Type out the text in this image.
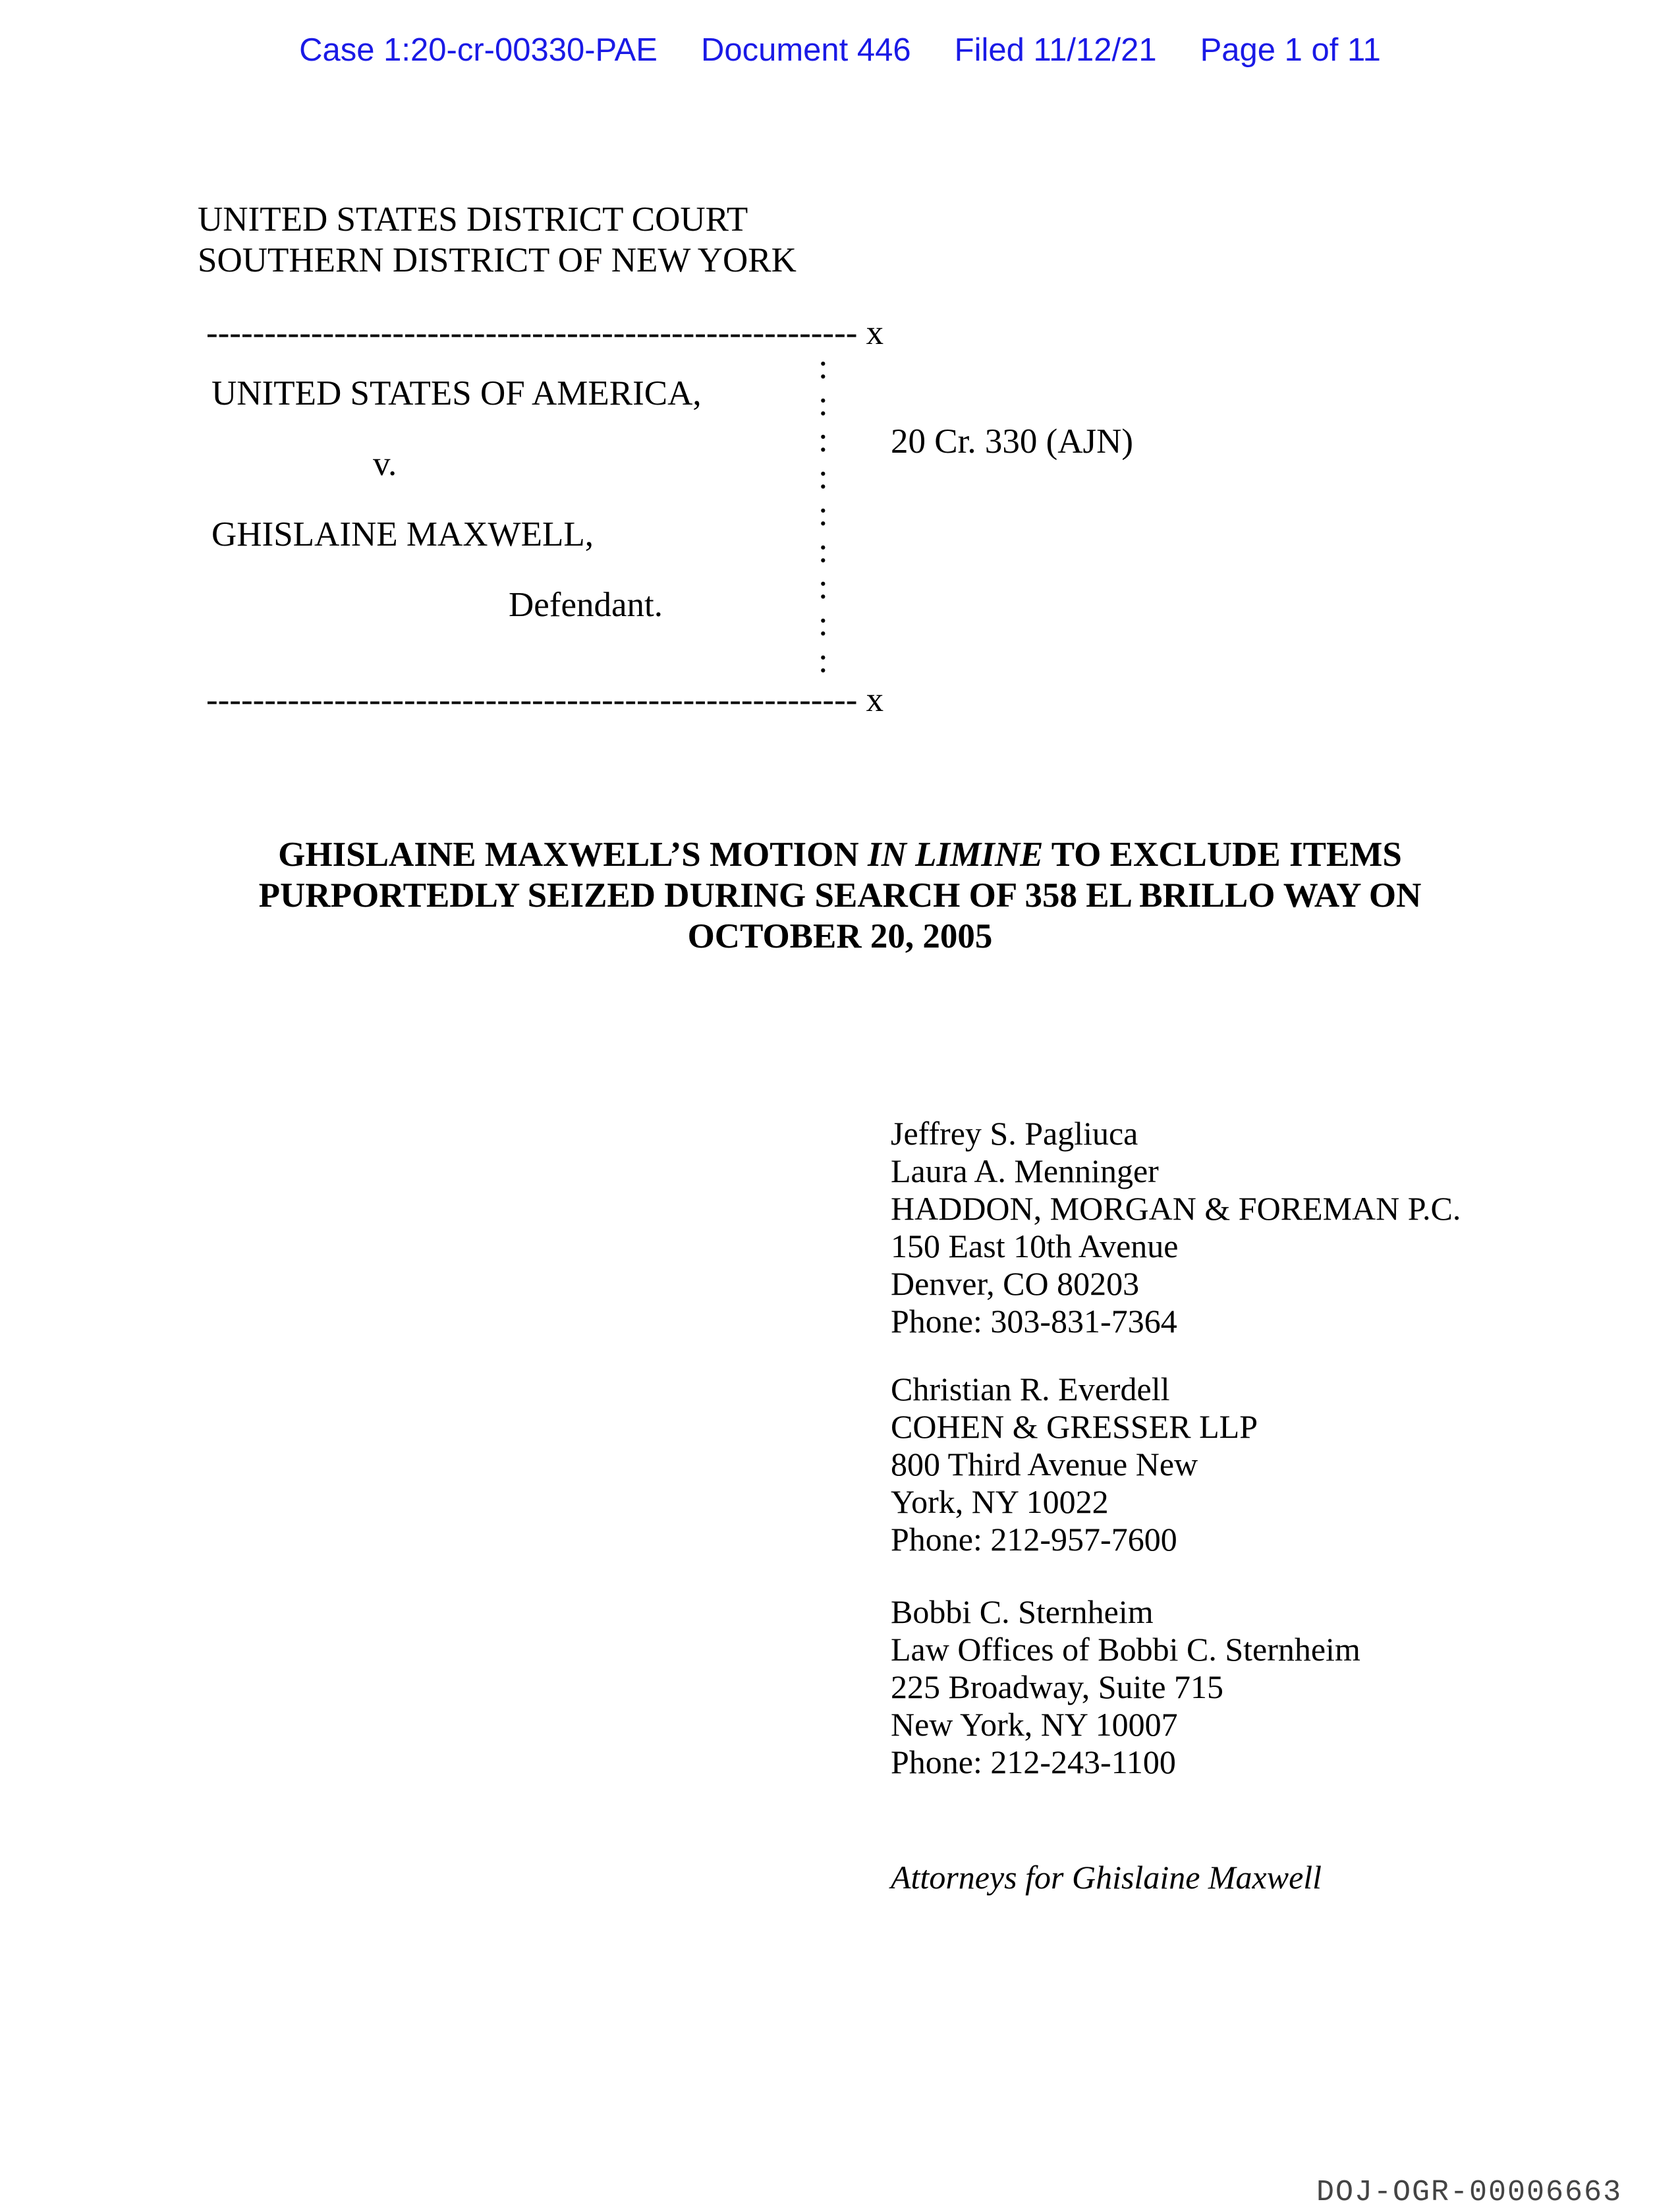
Case 1:20-cr-00330-PAE Document 446 Filed 11/12/21 Page 1 of 11
UNITED STATES DISTRICT COURT
SOUTHERN DISTRICT OF NEW YORK
-------------------------------------------------------- x
UNITED STATES OF AMERICA,
v.
GHISLAINE MAXWELL,
Defendant.
:
:
:
:
:
:
:
:
:
20 Cr. 330 (AJN)
-------------------------------------------------------- x
GHISLAINE MAXWELL’S MOTION IN LIMINE TO EXCLUDE ITEMS
PURPORTEDLY SEIZED DURING SEARCH OF 358 EL BRILLO WAY ON
OCTOBER 20, 2005
Jeffrey S. Pagliuca
Laura A. Menninger
HADDON, MORGAN & FOREMAN P.C.
150 East 10th Avenue
Denver, CO 80203
Phone: 303-831-7364
Christian R. Everdell
COHEN & GRESSER LLP
800 Third Avenue New
York, NY 10022
Phone: 212-957-7600
Bobbi C. Sternheim
Law Offices of Bobbi C. Sternheim
225 Broadway, Suite 715
New York, NY 10007
Phone: 212-243-1100
Attorneys for Ghislaine Maxwell
DOJ-OGR-00006663
